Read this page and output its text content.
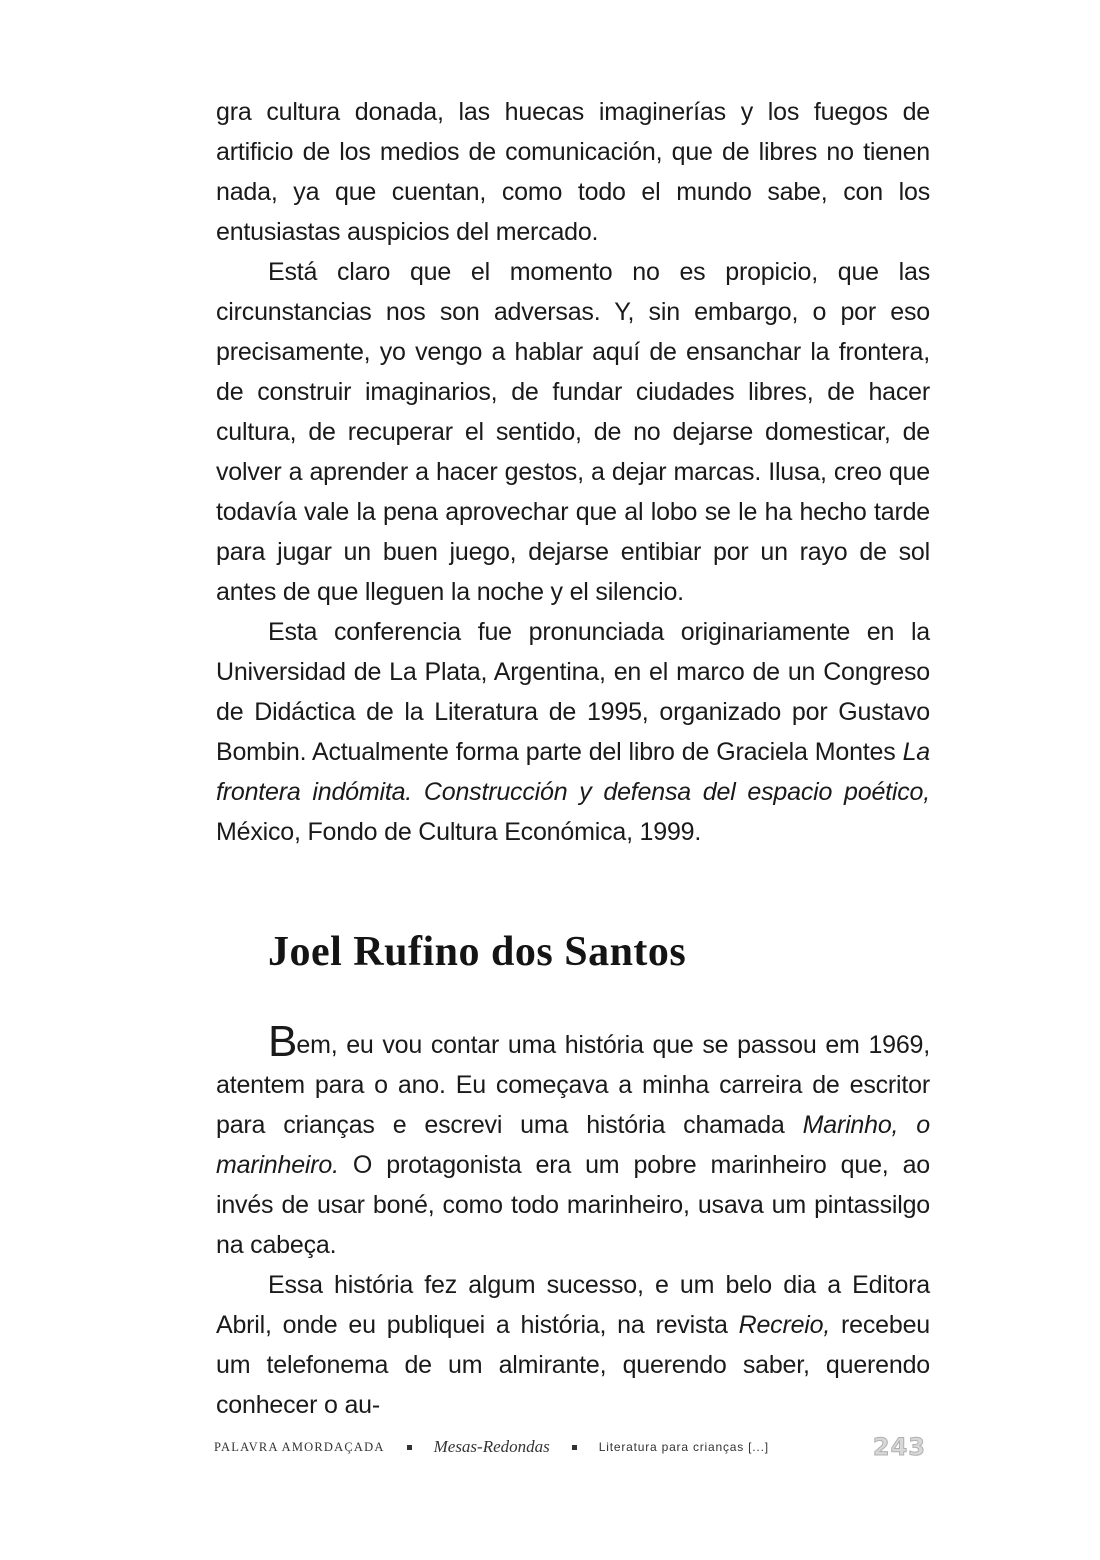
gra cultura donada, las huecas imaginerías y los fuegos de artificio de los medios de comunicación, que de libres no tienen nada, ya que cuentan, como todo el mundo sabe, con los entusiastas auspicios del mercado.

Está claro que el momento no es propicio, que las circunstancias nos son adversas. Y, sin embargo, o por eso precisamente, yo vengo a hablar aquí de ensanchar la frontera, de construir imaginarios, de fundar ciudades libres, de hacer cultura, de recuperar el sentido, de no dejarse domesticar, de volver a aprender a hacer gestos, a dejar marcas. Ilusa, creo que todavía vale la pena aprovechar que al lobo se le ha hecho tarde para jugar un buen juego, dejarse entibiar por un rayo de sol antes de que lleguen la noche y el silencio.

Esta conferencia fue pronunciada originariamente en la Universidad de La Plata, Argentina, en el marco de un Congreso de Didáctica de la Literatura de 1995, organizado por Gustavo Bombin. Actualmente forma parte del libro de Graciela Montes La frontera indómita. Construcción y defensa del espacio poético, México, Fondo de Cultura Económica, 1999.

Joel Rufino dos Santos

Bem, eu vou contar uma história que se passou em 1969, atentem para o ano. Eu começava a minha carreira de escritor para crianças e escrevi uma história chamada Marinho, o marinheiro. O protagonista era um pobre marinheiro que, ao invés de usar boné, como todo marinheiro, usava um pintassilgo na cabeça.

Essa história fez algum sucesso, e um belo dia a Editora Abril, onde eu publiquei a história, na revista Recreio, recebeu um telefonema de um almirante, querendo saber, querendo conhecer o au-

PALAVRA AMORDAÇADA	Mesas-Redondas	Literatura para crianças [...]	243
